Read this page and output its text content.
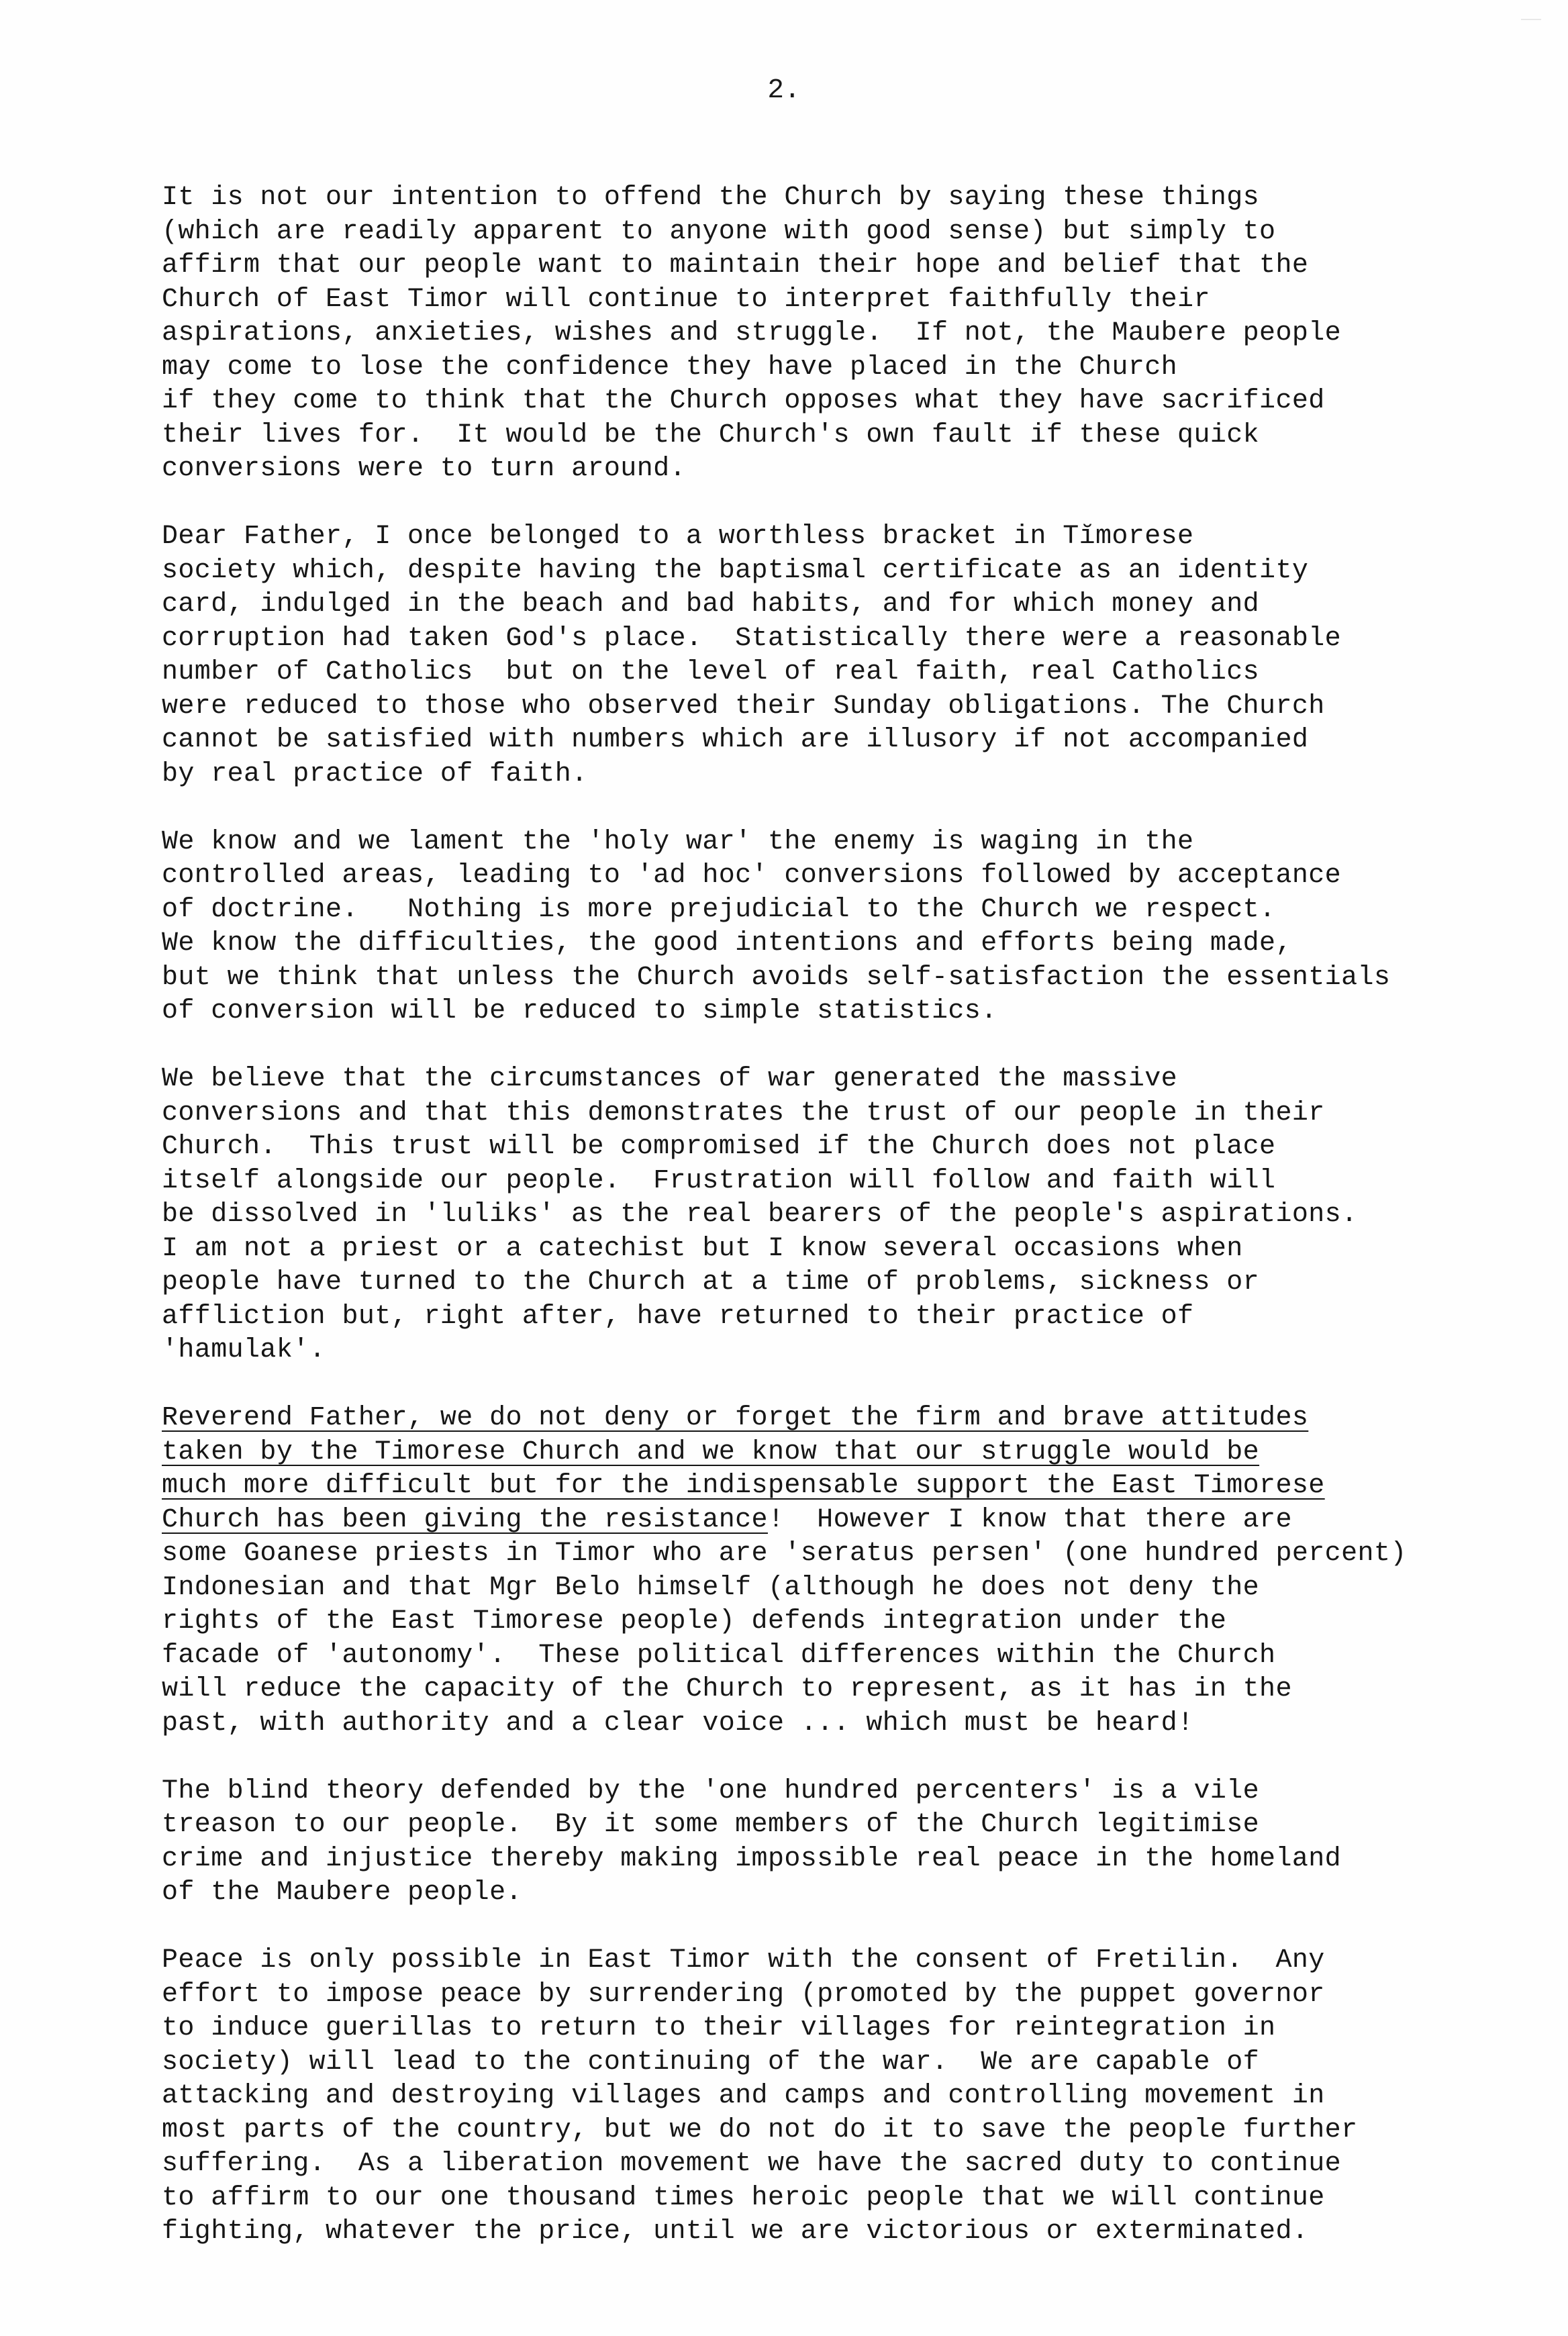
2.
It is not our intention to offend the Church by saying these things
(which are readily apparent to anyone with good sense) but simply to
affirm that our people want to maintain their hope and belief that the
Church of East Timor will continue to interpret faithfully their
aspirations, anxieties, wishes and struggle.  If not, the Maubere people
may come to lose the confidence they have placed in the Church
if they come to think that the Church opposes what they have sacrificed
their lives for.  It would be the Church's own fault if these quick
conversions were to turn around.
Dear Father, I once belonged to a worthless bracket in Tĭmorese
society which, despite having the baptismal certificate as an identity
card, indulged in the beach and bad habits, and for which money and
corruption had taken God's place.  Statistically there were a reasonable
number of Catholics  but on the level of real faith, real Catholics
were reduced to those who observed their Sunday obligations. The Church
cannot be satisfied with numbers which are illusory if not accompanied
by real practice of faith.
We know and we lament the 'holy war' the enemy is waging in the
controlled areas, leading to 'ad hoc' conversions followed by acceptance
of doctrine.   Nothing is more prejudicial to the Church we respect.
We know the difficulties, the good intentions and efforts being made,
but we think that unless the Church avoids self-satisfaction the essentials
of conversion will be reduced to simple statistics.
We believe that the circumstances of war generated the massive
conversions and that this demonstrates the trust of our people in their
Church.  This trust will be compromised if the Church does not place
itself alongside our people.  Frustration will follow and faith will
be dissolved in 'luliks' as the real bearers of the people's aspirations.
I am not a priest or a catechist but I know several occasions when
people have turned to the Church at a time of problems, sickness or
affliction but, right after, have returned to their practice of
'hamulak'.
Reverend Father, we do not deny or forget the firm and brave attitudes
taken by the Timorese Church and we know that our struggle would be
much more difficult but for the indispensable support the East Timorese
Church has been giving the resistance!  However I know that there are
some Goanese priests in Timor who are 'seratus persen' (one hundred percent)
Indonesian and that Mgr Belo himself (although he does not deny the
rights of the East Timorese people) defends integration under the
facade of 'autonomy'.  These political differences within the Church
will reduce the capacity of the Church to represent, as it has in the
past, with authority and a clear voice ... which must be heard!
The blind theory defended by the 'one hundred percenters' is a vile
treason to our people.  By it some members of the Church legitimise
crime and injustice thereby making impossible real peace in the homeland
of the Maubere people.
Peace is only possible in East Timor with the consent of Fretilin.  Any
effort to impose peace by surrendering (promoted by the puppet governor
to induce guerillas to return to their villages for reintegration in
society) will lead to the continuing of the war.  We are capable of
attacking and destroying villages and camps and controlling movement in
most parts of the country, but we do not do it to save the people further
suffering.  As a liberation movement we have the sacred duty to continue
to affirm to our one thousand times heroic people that we will continue
fighting, whatever the price, until we are victorious or exterminated.
